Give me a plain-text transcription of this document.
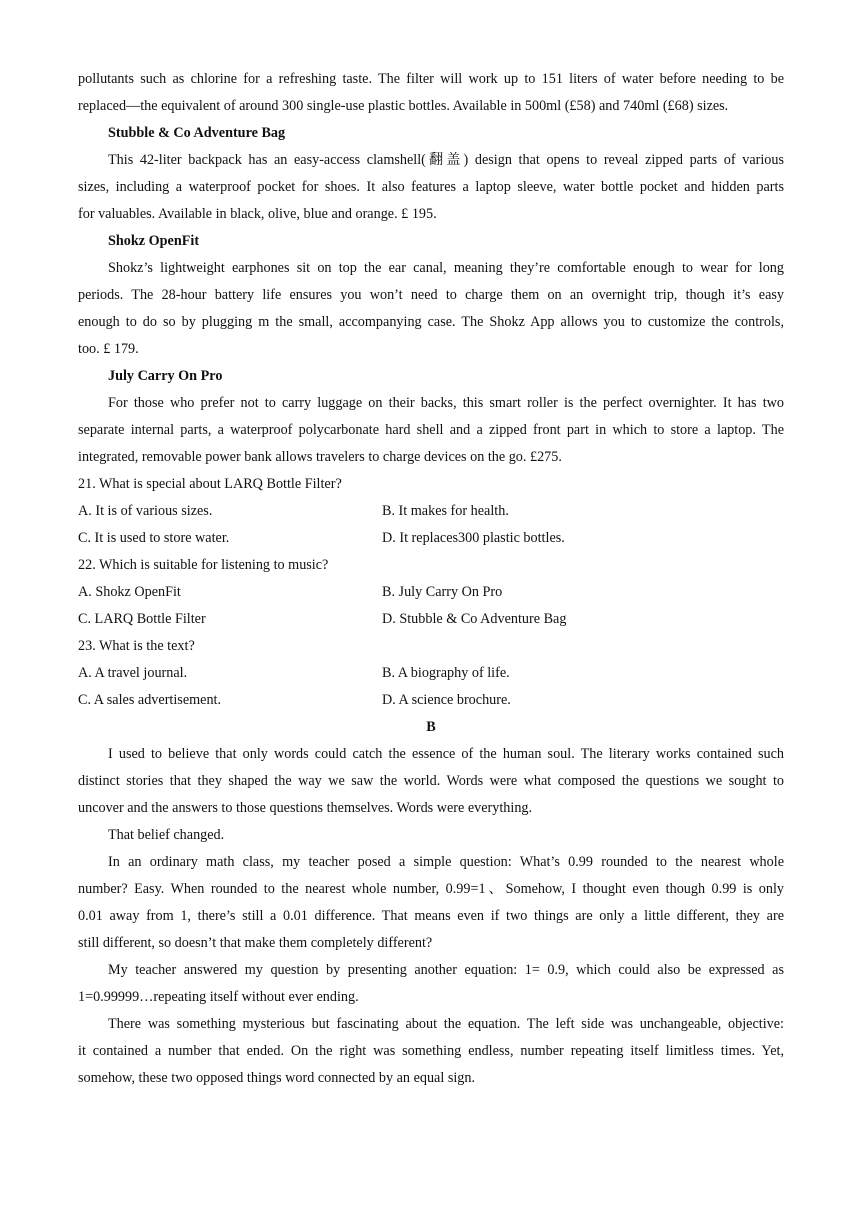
pollutants such as chlorine for a refreshing taste. The filter will work up to 151 liters of water before needing to be
replaced—the equivalent of around 300 single-use plastic bottles. Available in 500ml (£58) and 740ml (£68) sizes.
Stubble & Co Adventure Bag
This 42-liter backpack has an easy-access clamshell(翻盖) design that opens to reveal zipped parts of various
sizes, including a waterproof pocket for shoes. It also features a laptop sleeve, water bottle pocket and hidden parts
for valuables. Available in black, olive, blue and orange. £ 195.
Shokz OpenFit
Shokz’s lightweight earphones sit on top the ear canal, meaning they’re comfortable enough to wear for long
periods. The 28-hour battery life ensures you won’t need to charge them on an overnight trip, though it’s easy
enough to do so by plugging m the small, accompanying case. The Shokz App allows you to customize the controls,
too. £ 179.
July Carry On Pro
For those who prefer not to carry luggage on their backs, this smart roller is the perfect overnighter. It has two
separate internal parts, a waterproof polycarbonate hard shell and a zipped front part in which to store a laptop. The
integrated, removable power bank allows travelers to charge devices on the go. £275.
21. What is special about LARQ Bottle Filter?
A. It is of various sizes.	B. It makes for health.
C. It is used to store water.	D. It replaces300 plastic bottles.
22. Which is suitable for listening to music?
A. Shokz OpenFit	B. July Carry On Pro
C. LARQ Bottle Filter	D. Stubble & Co Adventure Bag
23. What is the text?
A. A travel journal.	B. A biography of life.
C. A sales advertisement.	D. A science brochure.
B
I used to believe that only words could catch the essence of the human soul. The literary works contained such
distinct stories that they shaped the way we saw the world. Words were what composed the questions we sought to
uncover and the answers to those questions themselves. Words were everything.
That belief changed.
In an ordinary math class, my teacher posed a simple question: What’s 0.99 rounded to the nearest whole
number? Easy. When rounded to the nearest whole number, 0.99=1、Somehow, I thought even though 0.99 is only
0.01 away from 1, there’s still a 0.01 difference. That means even if two things are only a little different, they are
still different, so doesn’t that make them completely different?
My teacher answered my question by presenting another equation: 1= 0.9, which could also be expressed as
1=0.99999…repeating itself without ever ending.
There was something mysterious but fascinating about the equation. The left side was unchangeable, objective:
it contained a number that ended. On the right was something endless, number repeating itself limitless times. Yet,
somehow, these two opposed things word connected by an equal sign.
